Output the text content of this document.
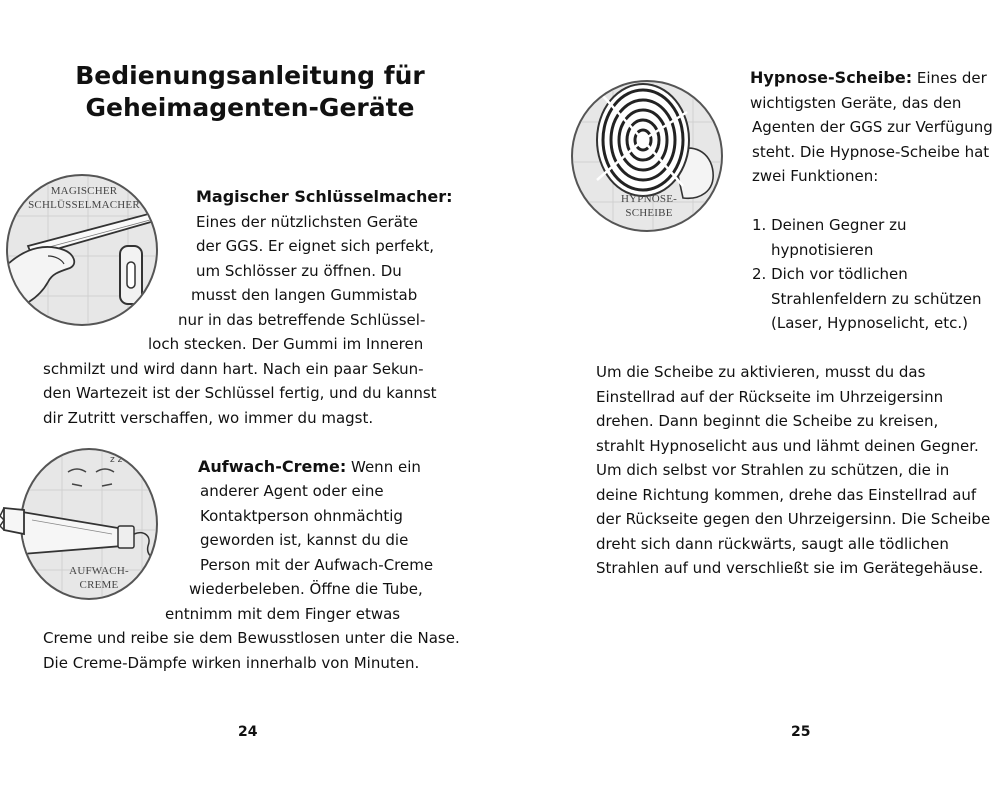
Bedienungsanleitung für
Geheimagenten-Geräte
MAGISCHER
SCHLÜSSELMACHER	Magischer Schlüsselmacher:
Eines der nützlichsten Geräte
der GGS. Er eignet sich perfekt,
um Schlösser zu öffnen. Du
musst den langen Gummistab
nur in das betreffende Schlüssel-
loch stecken. Der Gummi im Inneren
schmilzt und wird dann hart. Nach ein paar Sekun-
den Wartezeit ist der Schlüssel fertig, und du kannst
dir Zutritt verschaffen, wo immer du magst.
z z
AUFWACH-
CREME
Aufwach-Creme: Wenn ein
anderer Agent oder eine
Kontaktperson ohnmächtig
geworden ist, kannst du die
Person mit der Aufwach-Creme
wiederbeleben. Öffne die Tube,
entnimm mit dem Finger etwas
Creme und reibe sie dem Bewusstlosen unter die Nase.
Die Creme-Dämpfe wirken innerhalb von Minuten.
24
HYPNOSE-
SCHEIBE
Hypnose-Scheibe: Eines der
wichtigsten Geräte, das den
Agenten der GGS zur Verfügung
steht. Die Hypnose-Scheibe hat
zwei Funktionen:
1. Deinen Gegner zu
hypnotisieren
2. Dich vor tödlichen
Strahlenfeldern zu schützen
(Laser, Hypnoselicht, etc.)
Um die Scheibe zu aktivieren, musst du das
Einstellrad auf der Rückseite im Uhrzeigersinn
drehen. Dann beginnt die Scheibe zu kreisen,
strahlt Hypnoselicht aus und lähmt deinen Gegner.
Um dich selbst vor Strahlen zu schützen, die in
deine Richtung kommen, drehe das Einstellrad auf
der Rückseite gegen den Uhrzeigersinn. Die Scheibe
dreht sich dann rückwärts, saugt alle tödlichen
Strahlen auf und verschließt sie im Gerätegehäuse.
25
